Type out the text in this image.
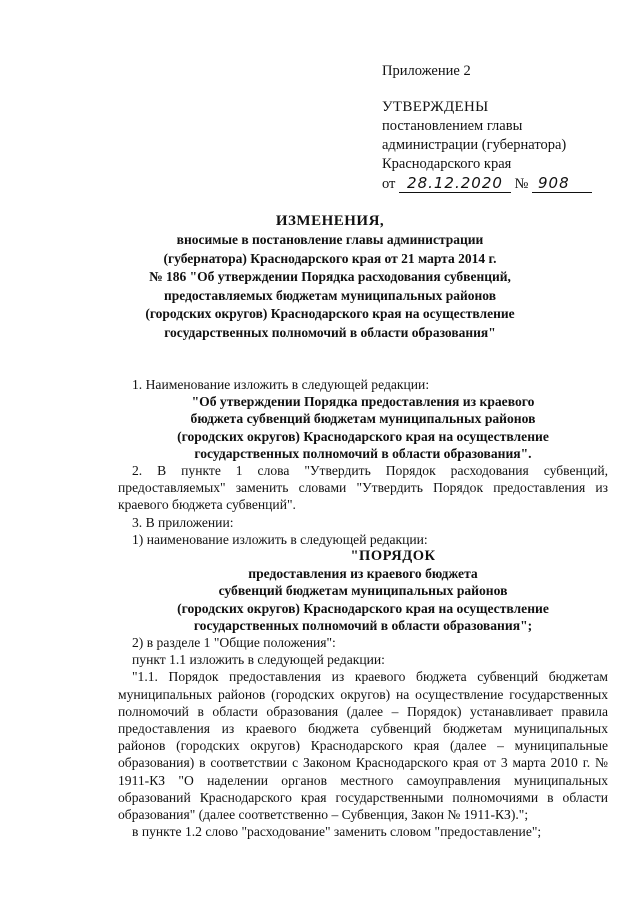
Приложение 2
УТВЕРЖДЕНЫ
постановлением главы
администрации (губернатора)
Краснодарского края
от 28.12.2020 № 908
ИЗМЕНЕНИЯ,
вносимые в постановление главы администрации
(губернатора) Краснодарского края от 21 марта 2014 г.
№ 186 "Об утверждении Порядка расходования субвенций,
предоставляемых бюджетам муниципальных районов
(городских округов) Краснодарского края на осуществление
государственных полномочий в области образования"
1. Наименование изложить в следующей редакции:
"Об утверждении Порядка предоставления из краевого
бюджета субвенций бюджетам муниципальных районов
(городских округов) Краснодарского края на осуществление
государственных полномочий в области образования".
2. В пункте 1 слова "Утвердить Порядок расходования субвенций, предоставляемых" заменить словами "Утвердить Порядок предоставления из краевого бюджета субвенций".
3. В приложении:
1) наименование изложить в следующей редакции:
"ПОРЯДОК
предоставления из краевого бюджета
субвенций бюджетам муниципальных районов
(городских округов) Краснодарского края на осуществление
государственных полномочий в области образования";
2) в разделе 1 "Общие положения":
пункт 1.1 изложить в следующей редакции:
"1.1. Порядок предоставления из краевого бюджета субвенций бюджетам муниципальных районов (городских округов) на осуществление государственных полномочий в области образования (далее – Порядок) устанавливает правила предоставления из краевого бюджета субвенций бюджетам муниципальных районов (городских округов) Краснодарского края (далее – муниципальные образования) в соответствии с Законом Краснодарского края от 3 марта 2010 г. № 1911-КЗ "О наделении органов местного самоуправления муниципальных образований Краснодарского края государственными полномочиями в области образования" (далее соответственно – Субвенция, Закон № 1911-КЗ).";
в пункте 1.2 слово "расходование" заменить словом "предоставление";
